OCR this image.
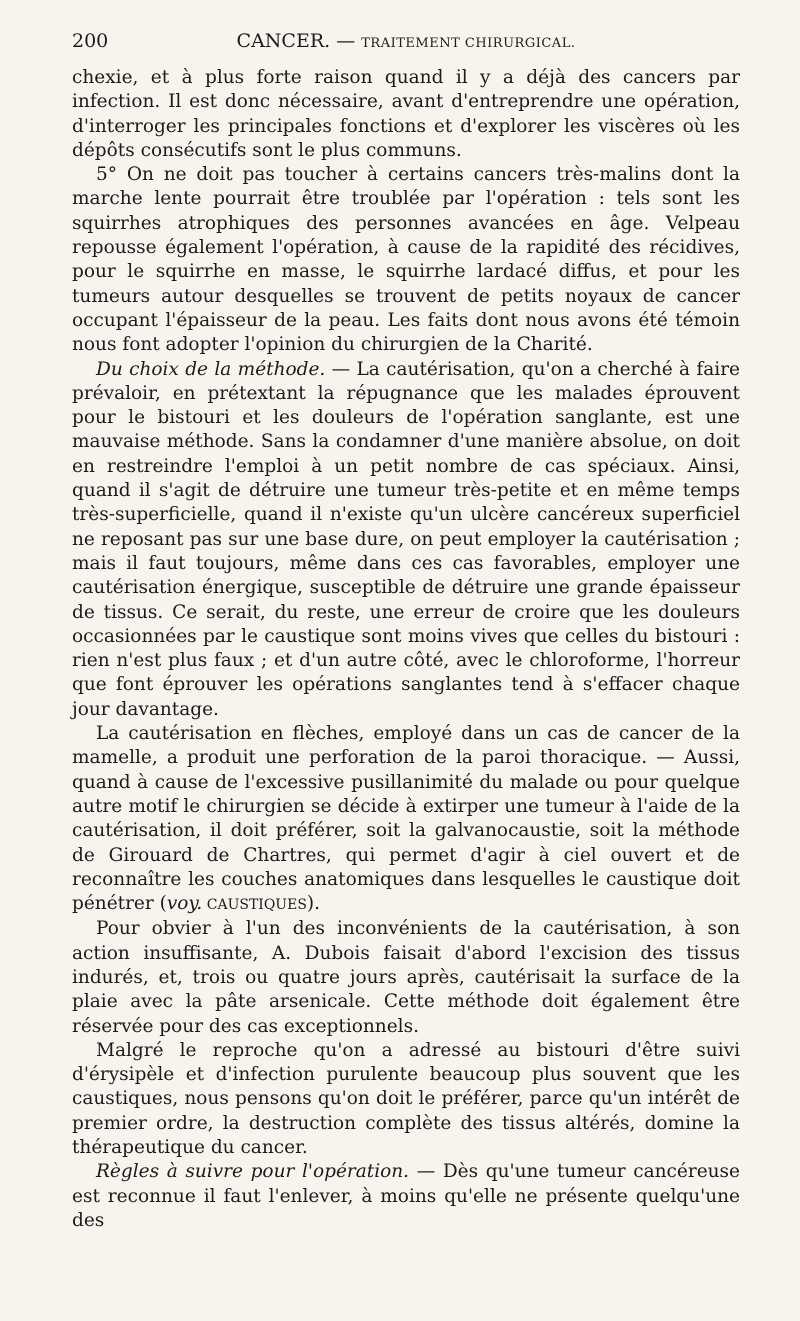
200	CANCER. — TRAITEMENT CHIRURGICAL.

chexie, et à plus forte raison quand il y a déjà des cancers par infection. Il est donc nécessaire, avant d'entreprendre une opération, d'interroger les principales fonctions et d'explorer les viscères où les dépôts consécutifs sont le plus communs.

5° On ne doit pas toucher à certains cancers très-malins dont la marche lente pourrait être troublée par l'opération : tels sont les squirrhes atrophiques des personnes avancées en âge. Velpeau repousse également l'opération, à cause de la rapidité des récidives, pour le squirrhe en masse, le squirrhe lardacé diffus, et pour les tumeurs autour desquelles se trouvent de petits noyaux de cancer occupant l'épaisseur de la peau. Les faits dont nous avons été témoin nous font adopter l'opinion du chirurgien de la Charité.

Du choix de la méthode. — La cautérisation, qu'on a cherché à faire prévaloir, en prétextant la répugnance que les malades éprouvent pour le bistouri et les douleurs de l'opération sanglante, est une mauvaise méthode. Sans la condamner d'une manière absolue, on doit en restreindre l'emploi à un petit nombre de cas spéciaux. Ainsi, quand il s'agit de détruire une tumeur très-petite et en même temps très-superficielle, quand il n'existe qu'un ulcère cancéreux superficiel ne reposant pas sur une base dure, on peut employer la cautérisation ; mais il faut toujours, même dans ces cas favorables, employer une cautérisation énergique, susceptible de détruire une grande épaisseur de tissus. Ce serait, du reste, une erreur de croire que les douleurs occasionnées par le caustique sont moins vives que celles du bistouri : rien n'est plus faux ; et d'un autre côté, avec le chloroforme, l'horreur que font éprouver les opérations sanglantes tend à s'effacer chaque jour davantage.

La cautérisation en flèches, employé dans un cas de cancer de la mamelle, a produit une perforation de la paroi thoracique. — Aussi, quand à cause de l'excessive pusillanimité du malade ou pour quelque autre motif le chirurgien se décide à extirper une tumeur à l'aide de la cautérisation, il doit préférer, soit la galvanocaustie, soit la méthode de Girouard de Chartres, qui permet d'agir à ciel ouvert et de reconnaître les couches anatomiques dans lesquelles le caustique doit pénétrer (voy. CAUSTIQUES).

Pour obvier à l'un des inconvénients de la cautérisation, à son action insuffisante, A. Dubois faisait d'abord l'excision des tissus indurés, et, trois ou quatre jours après, cautérisait la surface de la plaie avec la pâte arsenicale. Cette méthode doit également être réservée pour des cas exceptionnels.

Malgré le reproche qu'on a adressé au bistouri d'être suivi d'érysipèle et d'infection purulente beaucoup plus souvent que les caustiques, nous pensons qu'on doit le préférer, parce qu'un intérêt de premier ordre, la destruction complète des tissus altérés, domine la thérapeutique du cancer.

Règles à suivre pour l'opération. — Dès qu'une tumeur cancéreuse est reconnue il faut l'enlever, à moins qu'elle ne présente quelqu'une des
